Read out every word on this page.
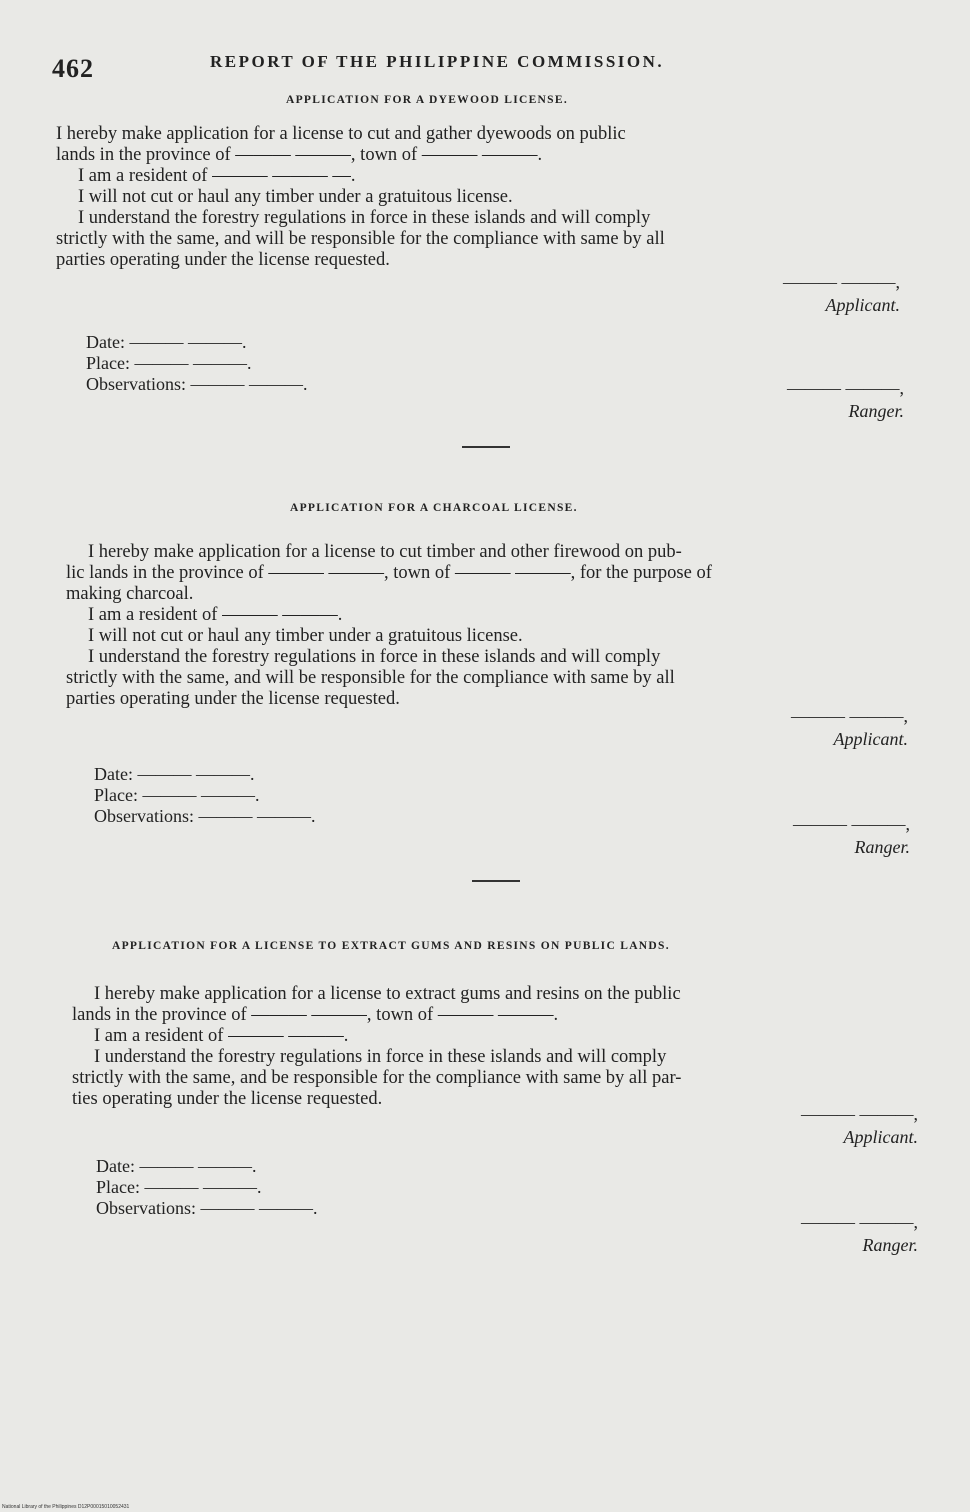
462	REPORT OF THE PHILIPPINE COMMISSION.
APPLICATION FOR A DYEWOOD LICENSE.
I hereby make application for a license to cut and gather dyewoods on public
lands in the province of ——— ———, town of ——— ———.
I am a resident of ——— ——— —.
I will not cut or haul any timber under a gratuitous license.
I understand the forestry regulations in force in these islands and will comply
strictly with the same, and will be responsible for the compliance with same by all
parties operating under the license requested.
——— ———,
Applicant.
Date: ——— ———.
Place: ——— ———.
Observations: ——— ———.	——— ———,
Ranger.
APPLICATION FOR A CHARCOAL LICENSE.
I hereby make application for a license to cut timber and other firewood on pub-
lic lands in the province of ——— ———, town of ——— ———, for the purpose of
making charcoal.
I am a resident of ——— ———.
I will not cut or haul any timber under a gratuitous license.
I understand the forestry regulations in force in these islands and will comply
strictly with the same, and will be responsible for the compliance with same by all
parties operating under the license requested.
——— ———,
Applicant.
Date: ——— ———.
Place: ——— ———.
Observations: ——— ———.	——— ———,
Ranger.
APPLICATION FOR A LICENSE TO EXTRACT GUMS AND RESINS ON PUBLIC LANDS.
I hereby make application for a license to extract gums and resins on the public
lands in the province of ——— ———, town of ——— ———.
I am a resident of ——— ———.
I understand the forestry regulations in force in these islands and will comply
strictly with the same, and be responsible for the compliance with same by all par-
ties operating under the license requested.
——— ———,
Applicant.
Date: ——— ———.
Place: ——— ———.
Observations: ——— ———.
——— ———,
Ranger.
National Library of the Philippines D12P00015010052431
